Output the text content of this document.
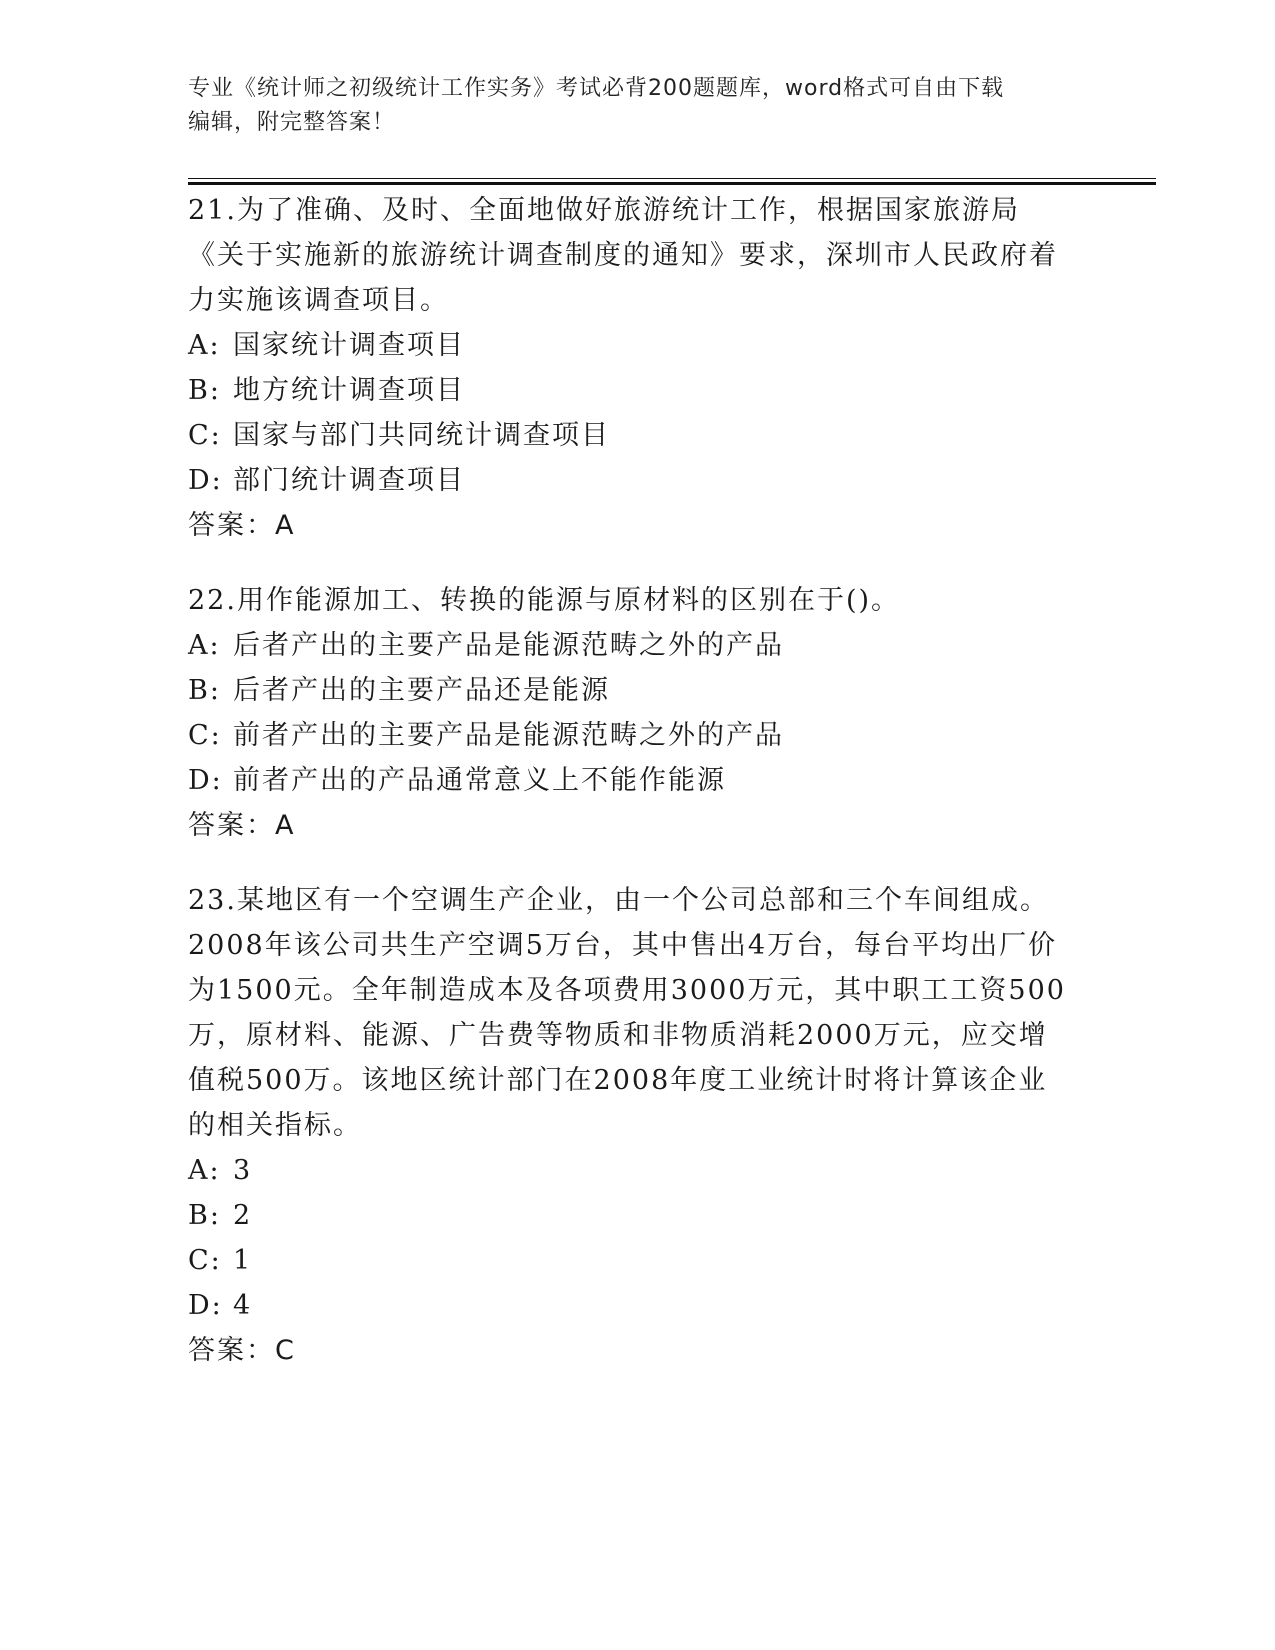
专业《统计师之初级统计工作实务》考试必背200题题库，word格式可自由下载
编辑，附完整答案！

21.为了准确、及时、全面地做好旅游统计工作，根据国家旅游局《关于实施新的旅游统计调查制度的通知》要求，深圳市人民政府着力实施该调查项目。

A: 国家统计调查项目

B: 地方统计调查项目

C: 国家与部门共同统计调查项目

D: 部门统计调查项目

答案：A

22.用作能源加工、转换的能源与原材料的区别在于()。

A: 后者产出的主要产品是能源范畴之外的产品

B: 后者产出的主要产品还是能源

C: 前者产出的主要产品是能源范畴之外的产品

D: 前者产出的产品通常意义上不能作能源

答案：A

23.某地区有一个空调生产企业，由一个公司总部和三个车间组成。2008年该公司共生产空调5万台，其中售出4万台，每台平均出厂价为1500元。全年制造成本及各项费用3000万元，其中职工工资500万，原材料、能源、广告费等物质和非物质消耗2000万元，应交增值税500万。该地区统计部门在2008年度工业统计时将计算该企业的相关指标。

A: 3

B: 2

C: 1

D: 4

答案：C
